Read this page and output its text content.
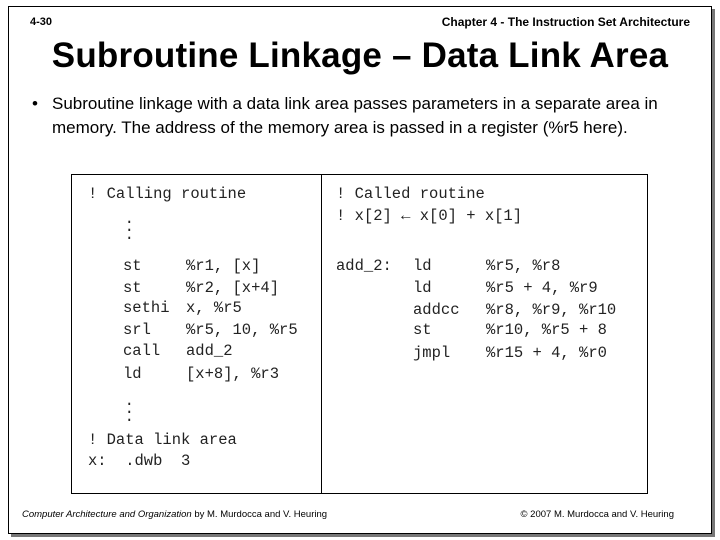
4-30	Chapter 4 - The Instruction Set Architecture
Subroutine Linkage – Data Link Area
• Subroutine linkage with a data link area passes parameters in a separate area in memory. The address of the memory area is passed in a register (%r5 here).
! Calling routine
.
.
.
st	%r1, [x]
st	%r2, [x+4]
sethi x, %r5
srl %r5, 10, %r5
call add_2
ld	[x+8], %r3
.
.
.
! Data link area
x:  .dwb  3
! Called routine
! x[2] ← x[0] + x[1]
add_2: ld	%r5, %r8
ld	%r5 + 4, %r9
addcc %r8, %r9, %r10
st	%r10, %r5 + 8
jmpl %r15 + 4, %r0
Computer Architecture and Organization by M. Murdocca and V. Heuring	© 2007 M. Murdocca and V. Heuring
